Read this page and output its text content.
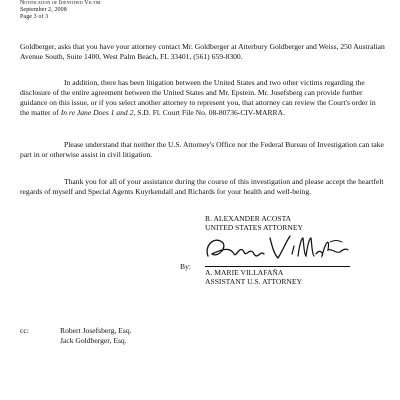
Notification of Identified Victim
September 2, 2008
Page 3 of 3
Goldberger, asks that you have your attorney contact Mr. Goldberger at Atterbury Goldberger and Weiss, 250 Australian Avenue South, Suite 1400, West Palm Beach, FL 33401, (561) 659-8300.
In addition, there has been litigation between the United States and two other victims regarding the disclosure of the entire agreement between the United States and Mr. Epstein. Mr. Josefsberg can provide further guidance on this issue, or if you select another attorney to represent you, that attorney can review the Court's order in the matter of In re Jane Does 1 and 2, S.D. Fl. Court File No. 08-80736-CIV-MARRA.
Please understand that neither the U.S. Attorney's Office nor the Federal Bureau of Investigation can take part in or otherwise assist in civil litigation.
Thank you for all of your assistance during the course of this investigation and please accept the heartfelt regards of myself and Special Agents Kuyrkendall and Richards for your health and well-being.
R. ALEXANDER ACOSTA
UNITED STATES ATTORNEY
By:
A. MARIE VILLAFAÑA
ASSISTANT U.S. ATTORNEY
cc:	Robert Josefsberg, Esq.
Jack Goldberger, Esq.
